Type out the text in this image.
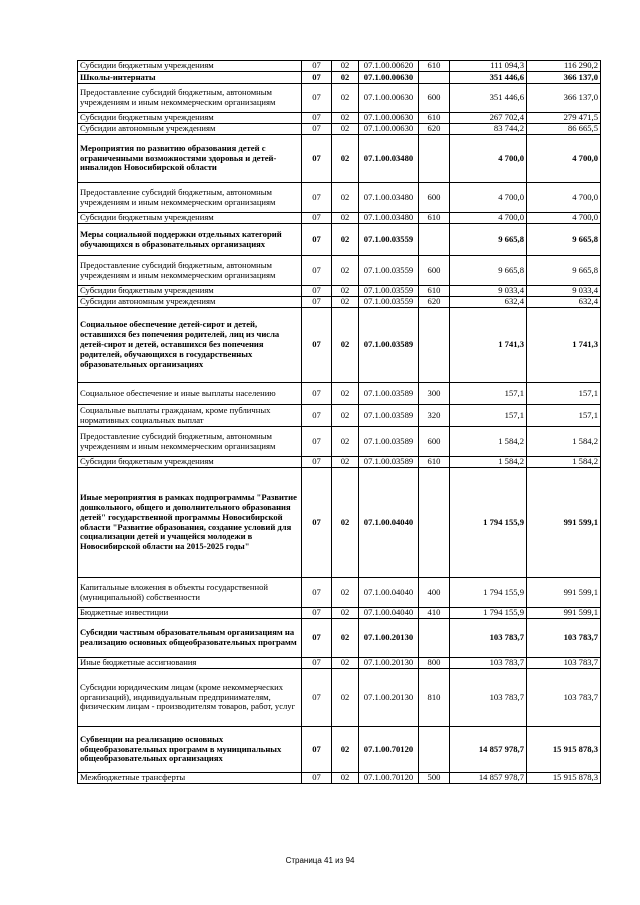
Субсидии бюджетным учреждениям	07	02	07.1.00.00620	610	111 094,3	116 290,2
Школы-интернаты	07	02	07.1.00.00630		351 446,6	366 137,0
Предоставление субсидий бюджетным, автономным учреждениям и иным некоммерческим организациям	07	02	07.1.00.00630	600	351 446,6	366 137,0
Субсидии бюджетным учреждениям	07	02	07.1.00.00630	610	267 702,4	279 471,5
Субсидии автономным учреждениям	07	02	07.1.00.00630	620	83 744,2	86 665,5
Мероприятия по развитию образования детей с ограниченными возможностями здоровья и детей-инвалидов Новосибирской области	07	02	07.1.00.03480		4 700,0	4 700,0
Предоставление субсидий бюджетным, автономным учреждениям и иным некоммерческим организациям	07	02	07.1.00.03480	600	4 700,0	4 700,0
Субсидии бюджетным учреждениям	07	02	07.1.00.03480	610	4 700,0	4 700,0
Меры социальной поддержки отдельных категорий обучающихся в образовательных организациях	07	02	07.1.00.03559		9 665,8	9 665,8
Предоставление субсидий бюджетным, автономным учреждениям и иным некоммерческим организациям	07	02	07.1.00.03559	600	9 665,8	9 665,8
Субсидии бюджетным учреждениям	07	02	07.1.00.03559	610	9 033,4	9 033,4
Субсидии автономным учреждениям	07	02	07.1.00.03559	620	632,4	632,4
Социальное обеспечение детей-сирот и детей, оставшихся без попечения родителей, лиц из числа детей-сирот и детей, оставшихся без попечения родителей, обучающихся в государственных образовательных организациях	07	02	07.1.00.03589		1 741,3	1 741,3
Социальное обеспечение и иные выплаты населению	07	02	07.1.00.03589	300	157,1	157,1
Социальные выплаты гражданам, кроме публичных нормативных социальных выплат	07	02	07.1.00.03589	320	157,1	157,1
Предоставление субсидий бюджетным, автономным учреждениям и иным некоммерческим организациям	07	02	07.1.00.03589	600	1 584,2	1 584,2
Субсидии бюджетным учреждениям	07	02	07.1.00.03589	610	1 584,2	1 584,2
Иные мероприятия в рамках подпрограммы "Развитие дошкольного, общего и дополнительного образования детей" государственной программы Новосибирской области "Развитие образования, создание условий для социализации детей и учащейся молодежи в Новосибирской области на 2015-2025 годы"	07	02	07.1.00.04040		1 794 155,9	991 599,1
Капитальные вложения в объекты государственной (муниципальной) собственности	07	02	07.1.00.04040	400	1 794 155,9	991 599,1
Бюджетные инвестиции	07	02	07.1.00.04040	410	1 794 155,9	991 599,1
Субсидии частным образовательным организациям на реализацию основных общеобразовательных программ	07	02	07.1.00.20130		103 783,7	103 783,7
Иные бюджетные ассигнования	07	02	07.1.00.20130	800	103 783,7	103 783,7
Субсидии юридическим лицам (кроме некоммерческих организаций), индивидуальным предпринимателям, физическим лицам - производителям товаров, работ, услуг	07	02	07.1.00.20130	810	103 783,7	103 783,7
Субвенции на реализацию основных общеобразовательных программ в муниципальных общеобразовательных организациях	07	02	07.1.00.70120		14 857 978,7	15 915 878,3
Межбюджетные трансферты	07	02	07.1.00.70120	500	14 857 978,7	15 915 878,3
Страница 41 из 94
